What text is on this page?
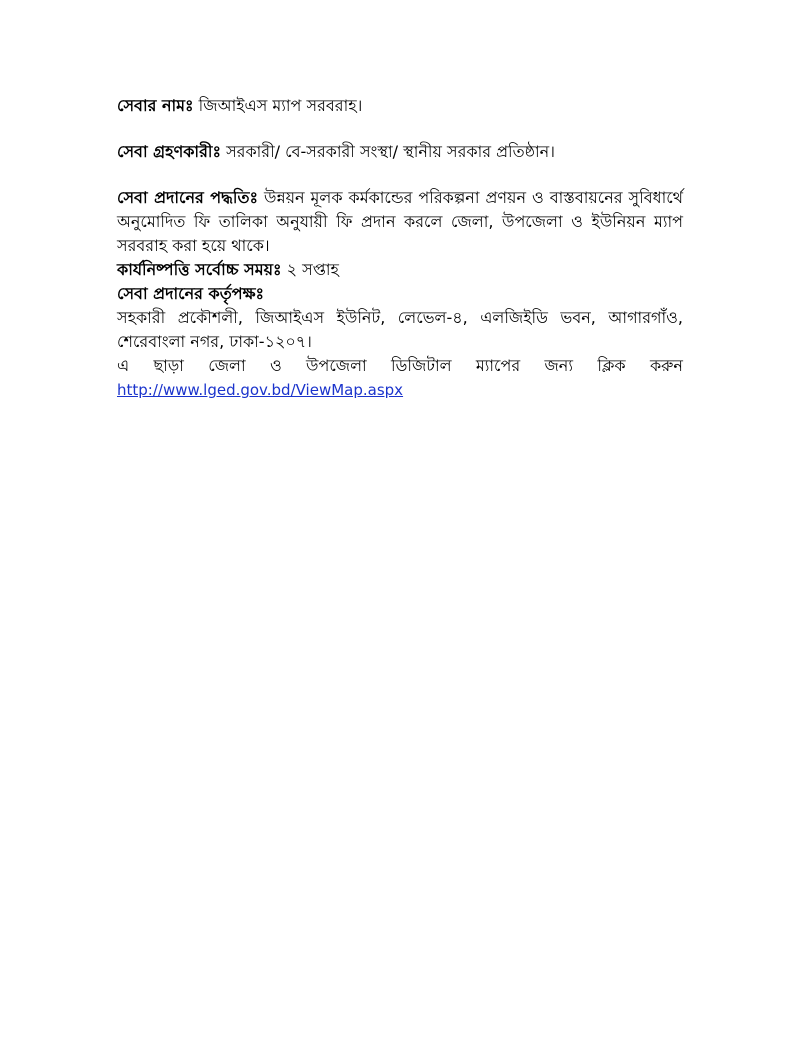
সেবার নামঃ জিআইএস ম্যাপ সরবরাহ।

সেবা গ্রহণকারীঃ সরকারী/ বে-সরকারী সংস্থা/ স্থানীয় সরকার প্রতিষ্ঠান।

সেবা প্রদানের পদ্ধতিঃ উন্নয়ন মূলক কর্মকান্ডের পরিকল্পনা প্রণয়ন ও বাস্তবায়নের সুবিধার্থে অনুমোদিত ফি তালিকা অনুযায়ী ফি প্রদান করলে জেলা, উপজেলা ও ইউনিয়ন ম্যাপ সরবরাহ করা হয়ে থাকে।

কার্যনিষ্পত্তি সর্বোচ্চ সময়ঃ ২ সপ্তাহ

সেবা প্রদানের কর্তৃপক্ষঃ

সহকারী প্রকৌশলী, জিআইএস ইউনিট, লেভেল-৪, এলজিইডি ভবন, আগারগাঁও, শেরেবাংলা নগর, ঢাকা-১২০৭।

এ ছাড়া জেলা ও উপজেলা ডিজিটাল ম্যাপের জন্য ক্লিক করুন

http://www.lged.gov.bd/ViewMap.aspx
